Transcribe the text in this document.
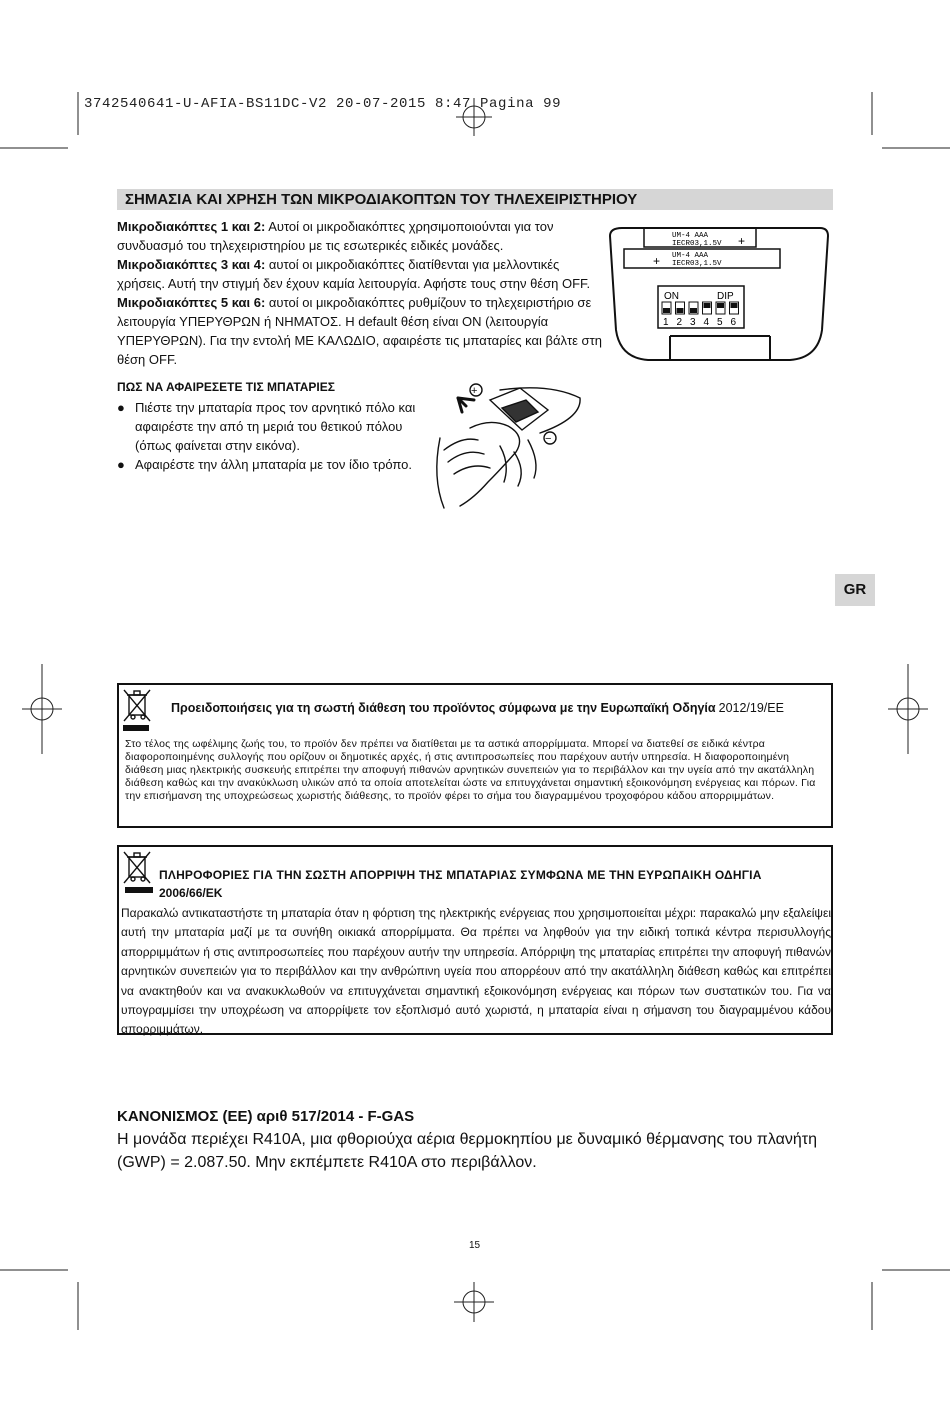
3742540641-U-AFIA-BS11DC-V2 20-07-2015 8:47 Pagina 99
ΣΗΜΑΣΙΑ ΚΑΙ ΧΡΗΣΗ ΤΩΝ ΜΙΚΡΟΔΙΑΚΟΠΤΩΝ ΤΟΥ ΤΗΛΕΧΕΙΡΙΣΤΗΡΙΟΥ
Μικροδιακόπτες 1 και 2: Αυτοί οι μικροδιακόπτες χρησιμοποιούνται για τον συνδυασμό του τηλεχειριστηρίου με τις εσωτερικές ειδικές μονάδες.
Μικροδιακόπτες 3 και 4: αυτοί οι μικροδιακόπτες διατίθενται για μελλοντικές χρήσεις. Αυτή την στιγμή δεν έχουν καμία λειτουργία. Αφήστε τους στην θέση OFF.
Μικροδιακόπτες 5 και 6: αυτοί οι μικροδιακόπτες ρυθμίζουν το τηλεχειριστήριο σε λειτουργία ΥΠΕΡΥΘΡΩΝ ή ΝΗΜΑΤΟΣ. Η default θέση είναι ON (λειτουργία ΥΠΕΡΥΘΡΩΝ). Για την εντολή ΜΕ ΚΑΛΩΔΙΟ, αφαιρέστε τις μπαταρίες και βάλτε στη θέση OFF.
UM-4 AAA
IECR03,1.5V +
UM-4 AAA
IECR03,1.5V
+
ON	DIP
1 2 3 4 5 6
ΠΩΣ ΝΑ ΑΦΑΙΡΕΣΕΤΕ ΤΙΣ ΜΠΑΤΑΡΙΕΣ
● Πιέστε την μπαταρία προς τον αρνητικό πόλο και αφαιρέστε την από τη μεριά του θετικού πόλου (όπως φαίνεται στην εικόνα).
● Αφαιρέστε την άλλη μπαταρία με τον ίδιο τρόπο.
+
−
GR
Προειδοποιήσεις για τη σωστή διάθεση του προϊόντος σύμφωνα με την Ευρωπαϊκή Οδηγία 2012/19/ΕΕ
Στο τέλος της ωφέλιμης ζωής του, το προϊόν δεν πρέπει να διατίθεται με τα αστικά απορρίμματα. Μπορεί να διατεθεί σε ειδικά κέντρα διαφοροποιημένης συλλογής που ορίζουν οι δημοτικές αρχές, ή στις αντιπροσωπείες που παρέχουν αυτήν υπηρεσία. Η διαφοροποιημένη διάθεση μιας ηλεκτρικής συσκευής επιτρέπει την αποφυγή πιθανών αρνητικών συνεπειών για το περιβάλλον και την υγεία από την ακατάλληλη διάθεση καθώς και την ανακύκλωση υλικών από τα οποία αποτελείται ώστε να επιτυγχάνεται σημαντική εξοικονόμηση ενέργειας και πόρων. Για την επισήμανση της υποχρεώσεως χωριστής διάθεσης, το προϊόν φέρει το σήμα του διαγραμμένου τροχοφόρου κάδου απορριμμάτων.
ΠΛΗΡΟΦΟΡΙΕΣ ΓΙΑ ΤΗΝ ΣΩΣΤΗ ΑΠΟΡΡΙΨΗ ΤΗΣ ΜΠΑΤΑΡΙΑΣ ΣΥΜΦΩΝΑ ΜΕ ΤΗΝ ΕΥΡΩΠΑΙΚΗ ΟΔΗΓΙΑ
2006/66/ΕΚ
Παρακαλώ αντικαταστήστε τη μπαταρία όταν η φόρτιση της ηλεκτρικής ενέργειας που χρησιμοποιείται μέχρι: παρακαλώ μην εξαλείψει αυτή την μπαταρία μαζί με τα συνήθη οικιακά απορρίμματα. Θα πρέπει να ληφθούν για την ειδική τοπικά κέντρα περισυλλογής απορριμμάτων ή στις αντιπροσωπείες που παρέχουν αυτήν την υπηρεσία. Απόρριψη της μπαταρίας επιτρέπει την αποφυγή πιθανών αρνητικών συνεπειών για το περιβάλλον και την ανθρώπινη υγεία που απορρέουν από την ακατάλληλη διάθεση καθώς και επιτρέπει να ανακτηθούν και να ανακυκλωθούν να επιτυγχάνεται σημαντική εξοικονόμηση ενέργειας και πόρων των συστατικών του. Για να υπογραμμίσει την υποχρέωση να απορρίψετε τον εξοπλισμό αυτό χωριστά, η μπαταρία είναι η σήμανση του διαγραμμένου κάδου απορριμμάτων.
ΚΑΝΟΝΙΣΜΟΣ (ΕΕ) αριθ 517/2014 - F-GAS
Η μονάδα περιέχει R410A, μια φθοριούχα αέρια θερμοκηπίου με δυναμικό θέρμανσης του πλανήτη (GWP) = 2.087.50. Μην εκπέμπετε R410A στο περιβάλλον.
15
